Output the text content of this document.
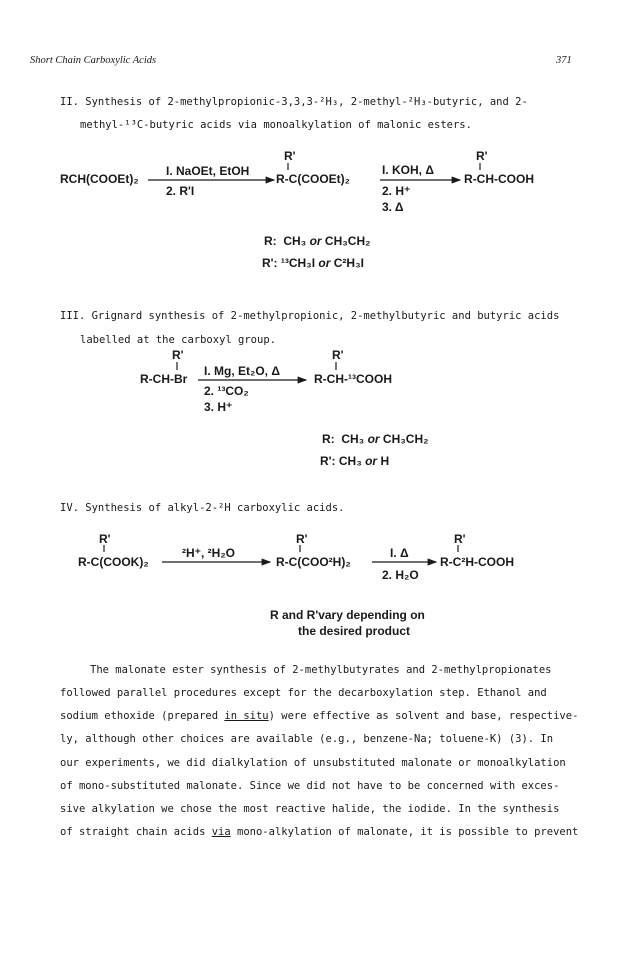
Short Chain Carboxylic Acids	371
II. Synthesis of 2-methylpropionic-3,3,3-²H₃, 2-methyl-²H₃-butyric, and 2-
methyl-¹³C-butyric acids via monoalkylation of malonic esters.
RCH(COOEt)₂
I. NaOEt, EtOH
2. R'I
R'
R-C(COOEt)₂
I. KOH, Δ
2. H⁺
3. Δ
R'
R-CH-COOH
R: CH₃ or CH₃CH₂
R': ¹³CH₃I or C²H₃I
III. Grignard synthesis of 2-methylpropionic, 2-methylbutyric and butyric acids
labelled at the carboxyl group.
R'
R-CH-Br
I. Mg, Et₂O, Δ
2. ¹³CO₂
3. H⁺
R'
R-CH-¹³COOH
R: CH₃ or CH₃CH₂
R': CH₃ or H
IV. Synthesis of alkyl-2-²H carboxylic acids.
R'
R-C(COOK)₂
²H⁺, ²H₂O
R'
R-C(COO²H)₂
I. Δ
2. H₂O
R'
R-C²H-COOH
R and R'vary depending on
the desired product
The malonate ester synthesis of 2-methylbutyrates and 2-methylpropionates
followed parallel procedures except for the decarboxylation step. Ethanol and
sodium ethoxide (prepared in situ) were effective as solvent and base, respective-
ly, although other choices are available (e.g., benzene-Na; toluene-K) (3). In
our experiments, we did dialkylation of unsubstituted malonate or monoalkylation
of mono-substituted malonate. Since we did not have to be concerned with exces-
sive alkylation we chose the most reactive halide, the iodide. In the synthesis
of straight chain acids via mono-alkylation of malonate, it is possible to prevent
